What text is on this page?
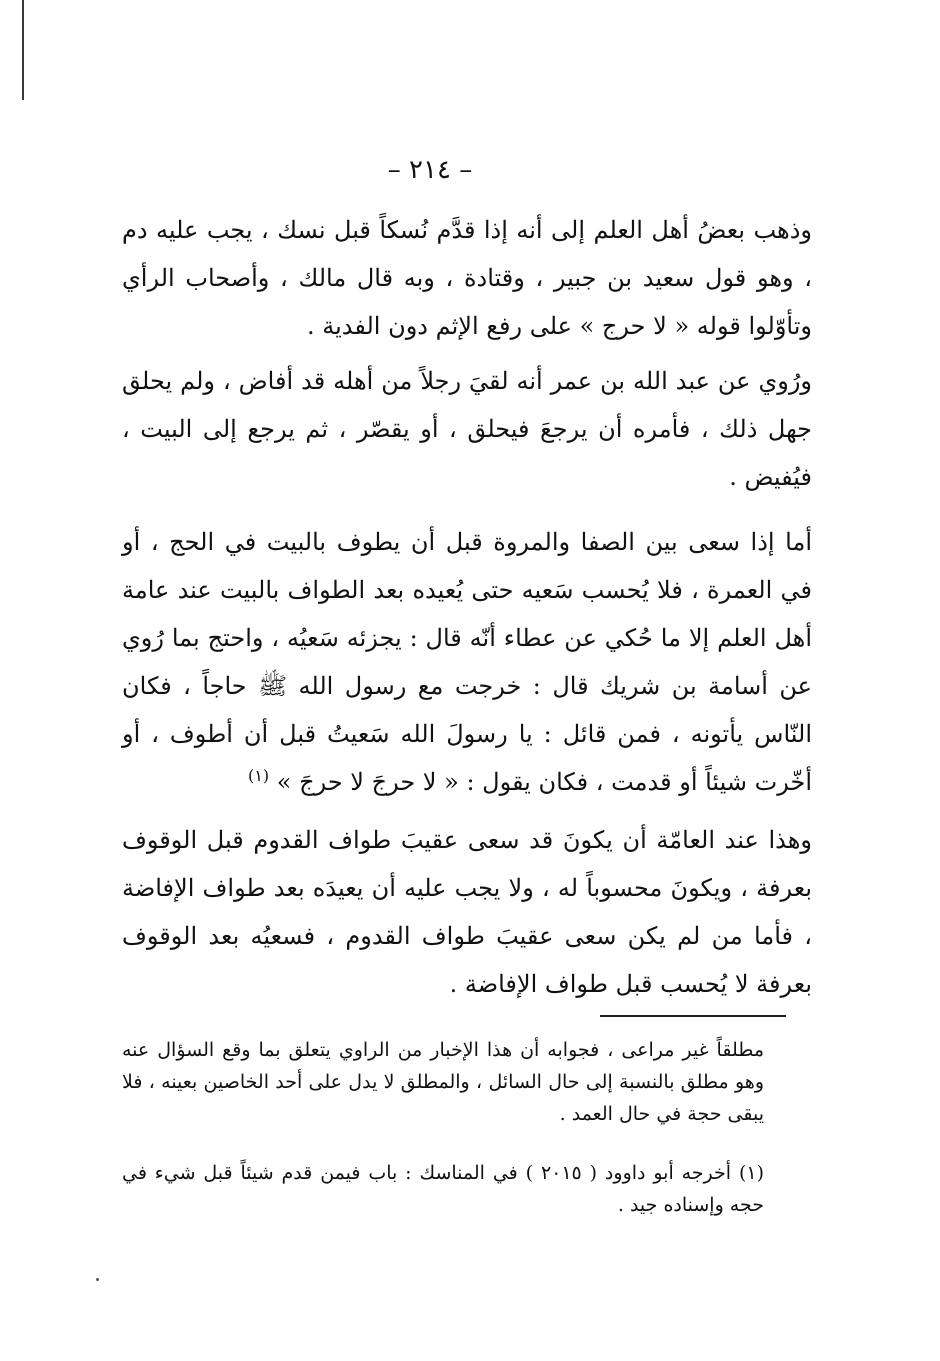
– ٢١٤ –

وذهب بعضُ أهل العلم إلى أنه إذا قدَّم نُسكاً قبل نسك ، يجب عليه دم ، وهو قول سعيد بن جبير ، وقتادة ، وبه قال مالك ، وأصحاب الرأي وتأوّلوا قوله « لا حرج » على رفع الإثم دون الفدية .

ورُوي عن عبد الله بن عمر أنه لقيَ رجلاً من أهله قد أفاض ، ولم يحلق جهل ذلك ، فأمره أن يرجعَ فيحلق ، أو يقصّر ، ثم يرجع إلى البيت ، فيُفيض .

أما إذا سعى بين الصفا والمروة قبل أن يطوف بالبيت في الحج ، أو في العمرة ، فلا يُحسب سَعيه حتى يُعيده بعد الطواف بالبيت عند عامة أهل العلم إلا ما حُكي عن عطاء أنّه قال : يجزئه سَعيُه ، واحتج بما رُوي عن أسامة بن شريك قال : خرجت مع رسول الله ﷺ حاجاً ، فكان النّاس يأتونه ، فمن قائل : يا رسولَ الله سَعيتُ قبل أن أطوف ، أو أخّرت شيئاً أو قدمت ، فكان يقول : « لا حرجَ لا حرجَ » $^{(١)}$

وهذا عند العامّة أن يكونَ قد سعى عقيبَ طواف القدوم قبل الوقوف بعرفة ، ويكونَ محسوباً له ، ولا يجب عليه أن يعيدَه بعد طواف الإفاضة ، فأما من لم يكن سعى عقيبَ طواف القدوم ، فسعيُه بعد الوقوف بعرفة لا يُحسب قبل طواف الإفاضة .

مطلقاً غير مراعى ، فجوابه أن هذا الإخبار من الراوي يتعلق بما وقع السؤال عنه وهو مطلق بالنسبة إلى حال السائل ، والمطلق لا يدل على أحد الخاصين بعينه ، فلا يبقى حجة في حال العمد .

(١) أخرجه أبو داوود ( ٢٠١٥ ) في المناسك : باب فيمن قدم شيئاً قبل شيء في حجه وإسناده جيد .
